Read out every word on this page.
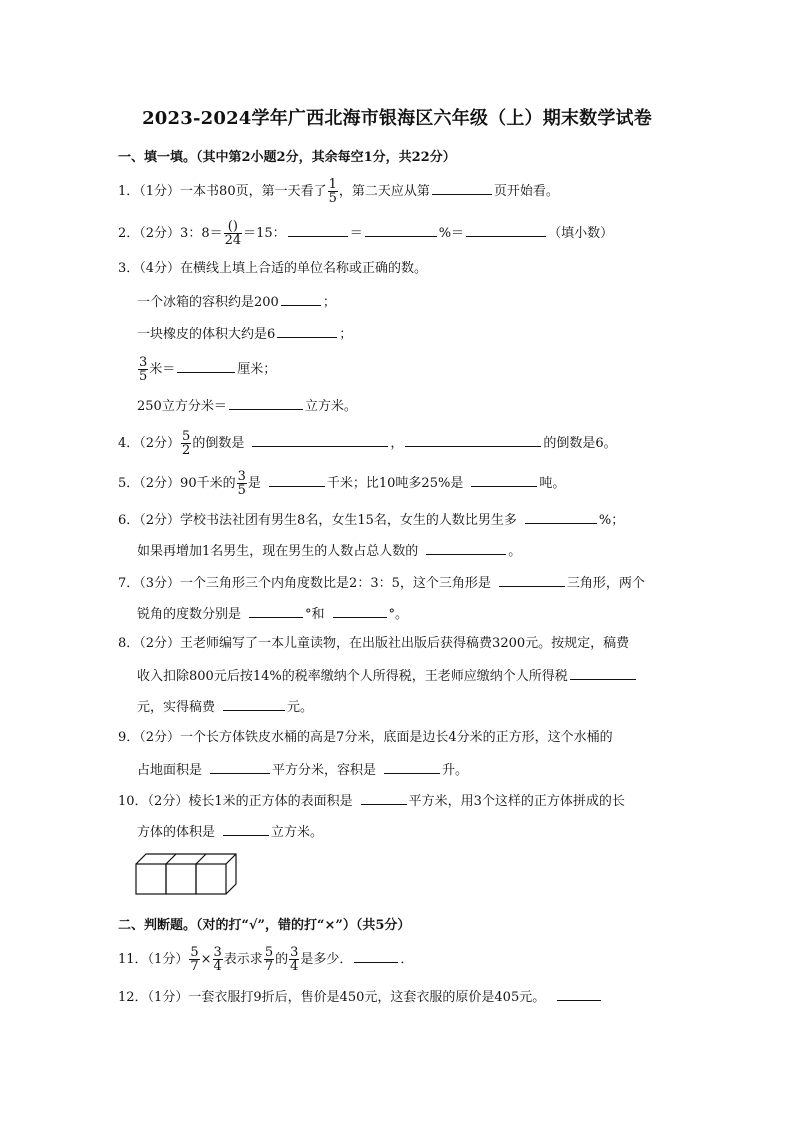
2023-2024学年广西北海市银海区六年级（上）期末数学试卷
一、填一填。（其中第2小题2分，其余每空1分，共22分）
1．（1分）一本书80页，第一天看了 $\frac{1}{5}$ ，第二天应从第	页开始看。
2．（2分）3：$8= \frac{()}{24} =15$：	＝	%＝	（填小数）
3．（4分）在横线上填上合适的单位名称或正确的数。
一个冰箱的容积约是200	；
一块橡皮的体积大约是6	；
$\frac{3}{5}$ 米＝	厘米；
250立方分米＝	立方米。
4．（2分） $\frac{5}{2}$ 的倒数是	，	的倒数是6。
5．（2分）90千米的 $\frac{3}{5}$ 是	千米；比10吨多25%是	吨。
6．（2分）学校书法社团有男生8名，女生15名，女生的人数比男生多	%；
如果再增加1名男生，现在男生的人数占总人数的	。
7．（3分）一个三角形三个内角度数比是2：3：5，这个三角形是	三角形，两个
锐角的度数分别是	°和	°。
8．（2分）王老师编写了一本儿童读物，在出版社出版后获得稿费3200元。按规定，稿费
收入扣除800元后按14%的税率缴纳个人所得税，王老师应缴纳个人所得税
元，实得稿费	元。
9．（2分）一个长方体铁皮水桶的高是7分米，底面是边长4分米的正方形，这个水桶的
占地面积是	平方分米，容积是	升。
10．（2分）棱长1米的正方体的表面积是	平方米，用3个这样的正方体拼成的长
方体的体积是	立方米。
二、判断题。（对的打“√”，错的打“×”）（共5分）
11．（1分） $\frac{5}{7} \times \frac{3}{4}$ 表示求 $\frac{5}{7}$ 的 $\frac{3}{4}$ 是多少．	．
12．（1分）一套衣服打9折后，售价是450元，这套衣服的原价是405元。
